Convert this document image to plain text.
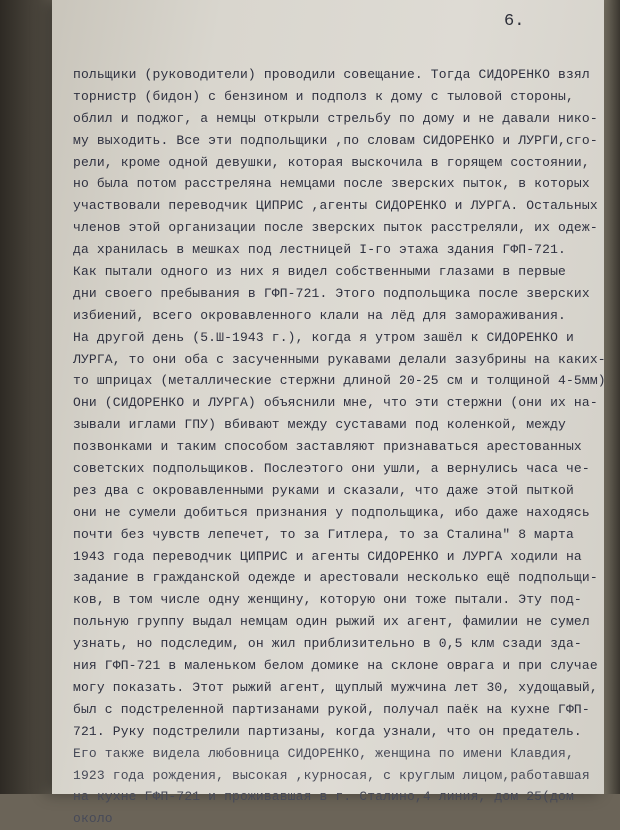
6.
польщики (руководители) проводили совещание. Тогда СИДОРЕНКО взял
торнистр (бидон) с бензином и подполз к дому с тыловой стороны,
облил и поджог, а немцы открыли стрельбу по дому и не давали нико-
му выходить. Все эти подпольщики ,по словам СИДОРЕНКО и ЛУРГИ,сго-
рели, кроме одной девушки, которая выскочила в горящем состоянии,
но была потом расстреляна немцами после зверских пыток, в которых
участвовали переводчик ЦИПРИС ,агенты СИДОРЕНКО и ЛУРГА. Остальных
членов этой организации после зверских пыток расстреляли, их одеж-
да хранилась в мешках под лестницей I-го этажа здания ГФП-721.
Как пытали одного из них я видел собственными глазами в первые
дни своего пребывания в ГФП-721. Этого подпольщика после зверских
избиений, всего окровавленного клали на лёд для замораживания.
На другой день (5.Ш-1943 г.), когда я утром зашёл к СИДОРЕНКО и
ЛУРГА, то они оба с засученными рукавами делали зазубрины на каких-
то шприцах (металлические стержни длиной 20-25 см и толщиной 4-5мм)
Они (СИДОРЕНКО и ЛУРГА) объяснили мне, что эти стержни (они их на-
зывали иглами ГПУ) вбивают между суставами под коленкой, между
позвонками и таким способом заставляют признаваться арестованных
советских подпольщиков. Послеэтого они ушли, а вернулись часа че-
рез два с окровавленными руками и сказали, что даже этой пыткой
они не сумели добиться признания у подпольщика, ибо даже находясь
почти без чувств лепечет, то за Гитлера, то за Сталина" 8 марта
1943 года переводчик ЦИПРИС и агенты СИДОРЕНКО и ЛУРГА ходили на
задание в гражданской одежде и арестовали несколько ещё подпольщи-
ков, в том числе одну женщину, которую они тоже пытали. Эту под-
польную группу выдал немцам один рыжий их агент, фамилии не сумел
узнать, но подследим, он жил приблизительно в 0,5 клм сзади зда-
ния ГФП-721 в маленьком белом домике на склоне оврага и при случае
могу показать. Этот рыжий агент, щуплый мужчина лет 30, худощавый,
был с подстреленной партизанами рукой, получал паёк на кухне ГФП-
721. Руку подстрелили партизаны, когда узнали, что он предатель.
Его также видела любовница СИДОРЕНКО, женщина по имени Клавдия,
1923 года рождения, высокая ,курносая, с круглым лицом,работавшая
на кухне ГФП-721 и проживавшая в г. Сталино,4 линия, дом 25(дом
около
